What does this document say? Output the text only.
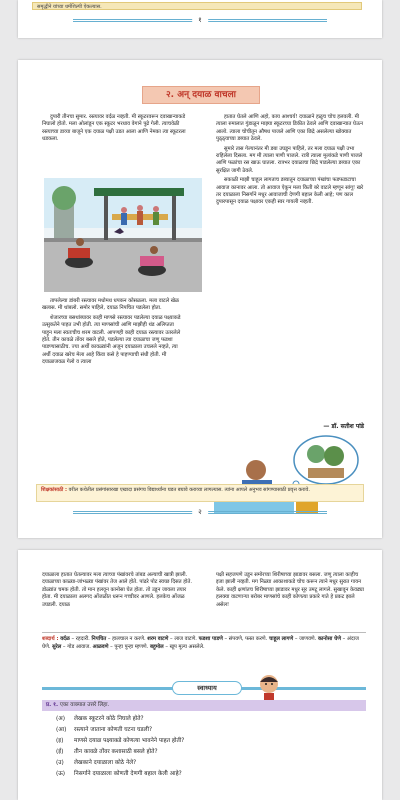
समृद्धीने यांच्या धर्मशिल्पी ऐकल्यास.
१
२. अन् दयाळ वाचला

दुपारी तीनचा सुमार. रस्त्यावर वर्दळ नव्हती. मी स्कूटरवरून दवाखान्याकडे निघालो होतो. मला ओलांडून एक स्कूटर भरधाव वेगाने पुढे गेली. त्याचवेळी रस्त्याच्या डाव्या बाजूने एक दयाळ पक्षी उडत आला आणि नेमका त्या स्कूटरला धडकला.

हातात घेतले आणि अहो, काय आश्चर्य! दयाळाने हळूच चोच हलवली. मी त्याला रुमालात गुंडाळून माझ्या स्कूटरच्या डिकीत ठेवले आणि दवाखान्यात घेऊन आलो. त्याला चोचीतून औषध पाजले आणि एका छिद्रे असलेल्या खोक्यात पुठ्ठ्याच्या डब्यात ठेवले.

सुमारे तास गेल्यानंतर मी डबा उघडून पाहिले, तर मला दयाळ पक्षी उभा राहिलेला दिसला. मग मी त्याला पाणी पाजले. रात्री त्याला मुलांकडे पाणी पाजले आणि फळांचा रस खाऊ घातला. रात्रभर दयाळाचा छिद्रे पाडलेल्या डब्यात एका सुरक्षित जागी ठेवले.

सकाळी माझी चाहूल लागताच डब्यातून दयाळाच्या पंखांचा फडफडाटाचा आवाज कानावर आला. तो आवाज ऐकून मला किती बरे वाटले म्हणून सांगू! खरे तर दयाळाला निसर्गाने मधुर आवाजाची देणगी बहाल केली आहे; पण काल दुपारपासून दयाळ पक्षावर एकही स्वर गायली नव्हती.

तापलेल्या डांबरी रस्त्यावर मधोमध धपकन कोसळला. मला वाटले खेळ खलास. मी थांबलो. समोर पाहिले, दयाळ निपचित पडलेला होता.

शेजारच्या बसथांब्यावर काही माणसे रस्त्यावर पडलेल्या दयाळ पक्ष्याकडे उत्सुकतेने पाहत उभी होती. त्या माणसांची आणि माझीही थंड अलिप्तता पाहून मला स्वतःचीच शरम वाटली. आपणही काही दयाळ रस्त्यावर उतरलेले होते. तीन कावळे तोंवर बसले होते, पडलेल्या त्या दयाळाचा जणू फडशा पाडण्यासाठीच. ज्या अर्थी कावळ्यांनी अजून दयाळाला उचलले नव्हते, त्या अर्थी दयाळ खरेच मेला आहे किंवा कसे हे पाहण्याची संधी होती. मी दयाळाजवळ गेलो व त्याला

— डॉ. सतीश पांडे
शिक्षकांसाठी : वरील कथेतील प्रसंगांसारखा एखादा प्रसंगच विद्यार्थ्यांना घडत बघावे कराव्या लागल्यास. त्यांना आपले अनुभव सांगण्यासाठी प्रवृत्त करावे.
२

दयाळाला हातात घेतल्यावर मला त्याच्या पंखांवरचे तांबड अल्याची खात्री झाली. दयाळाच्या काळ्या-जांभळ्या पंखांवर तेज आले होते. पांढरे पोट स्वच्छ दिसत होते. डोळ्यांत चमक होती. तो मान हलवून कानोसा घेत होता. तो उडून जायला तयार होता. मी दयाळाला अलगद ओंजळीत धरून गच्चीवर आणले. हलकेच ओंजळ उघडली. दयाळ

पक्षी सहजपणे उडून समोरच्या शिरीषाच्या झाडावर बसला. जणू त्याला काहीच इजा झाली नव्हती. मग निळ्या आकाशाकडे चोच करून त्याने मधुर सुरात गायन केले. काही क्षणांतच शिरीषाच्या झाडावर मधुर सूर उमटू लागले. सुखावून केवढ्या हलक्या वाटणाऱ्या बरोबर माणसांचे काही कोणत्या प्रकारे गाते हे प्रकट झाले असेल!

शब्दार्थ : वर्दळ – रहदारी. निपचित – हालचाल न करणे. शरम वाटणे – लाज वाटणे. फडशा पाडणे – संपवणे, फस्त करणे. चाहूल लागणे – जाणवणे. कानोसा घेणे – अंदाज घेणे. सुरेल – गोड आवाज. आळवणे – पुन्हा पुन्हा म्हणणे. बहुमोल – खूप मूल्य असलेले.
स्वाध्याय
प्र. १. एका वाक्यात उत्तरे लिहा.
(अ) लेखक स्कूटरने कोठे निघाले होते?
(आ) रस्त्याने जाताना कोणती घटना घडली?
(इ) माणसे दयाळ पक्ष्याकडे कोणत्या भावनेने पाहत होती?
(ई) तीन कावळे तोंवर कशासाठी बसले होते?
(उ) लेखकाने दयाळाला कोठे नेले?
(ऊ) निसर्गाने दयाळाला कोणती देणगी बहाल केली आहे?
